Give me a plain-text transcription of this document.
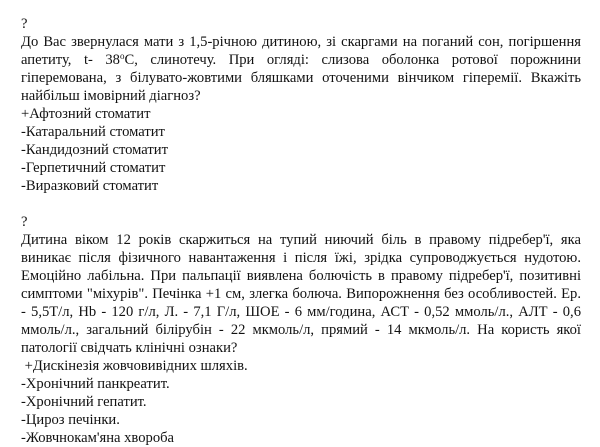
?
До Вас звернулася мати з 1,5-річною дитиною, зі скаргами на поганий сон, погіршення апетиту, t- $38^оС$, слинотечу. При огляді: слизова оболонка ротової порожнини гіперемована, з білувато-жовтими бляшками оточеними вінчиком гіперемії. Вкажіть найбільш імовірний діагноз?
+Афтозний стоматит
-Катаральний стоматит
-Кандидозний стоматит
-Герпетичний стоматит
-Виразковий стоматит
?
Дитина віком 12 років скаржиться на тупий ниючий біль в правому підребер'ї, яка виникає після фізичного навантаження і після їжі, зрідка супроводжується нудотою. Емоційно лабільна. При пальпації виявлена болючість в правому підребер'ї, позитивні симптоми "міхурів". Печінка +1 см, злегка болюча. Випорожнення без особливостей. Ер. - 5,5Т/л, Hb - 120 г/л, Л. - 7,1 Г/л, ШОЕ - 6 мм/година, АСТ - 0,52 ммоль/л., АЛТ - 0,6 ммоль/л., загальний білірубін - 22 мкмоль/л, прямий - 14 мкмоль/л. На користь якої патології свідчать клінічні ознаки?
+Дискінезія жовчовивідних шляхів.
-Хронічний панкреатит.
-Хронічний гепатит.
-Цироз печінки.
-Жовчнокам'яна хвороба
